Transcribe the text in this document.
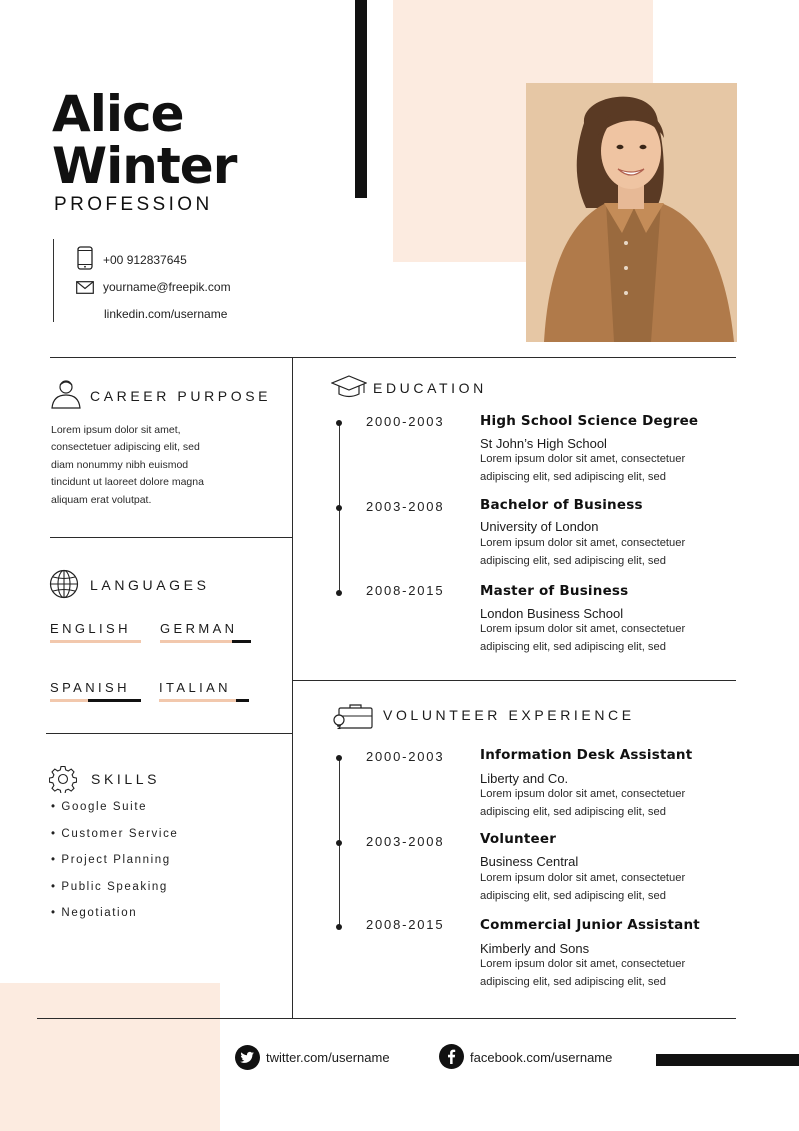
Alice
Winter
PROFESSION
+00 912837645
yourname@freepik.com
linkedin.com/username
CAREER PURPOSE
Lorem ipsum dolor sit amet,
consectetuer adipiscing elit, sed
diam nonummy nibh euismod
tincidunt ut laoreet dolore magna
aliquam erat volutpat.
LANGUAGES
ENGLISH GERMAN
SPANISH ITALIAN
SKILLS
• Google Suite
• Customer Service
• Project Planning
• Public Speaking
• Negotiation
EDUCATION
2000-2003	High School Science Degree
St John’s High School
Lorem ipsum dolor sit amet, consectetuer
adipiscing elit, sed adipiscing elit, sed
2003-2008	Bachelor of Business
University of London
Lorem ipsum dolor sit amet, consectetuer
adipiscing elit, sed adipiscing elit, sed
2008-2015	Master of Business
London Business School
Lorem ipsum dolor sit amet, consectetuer
adipiscing elit, sed adipiscing elit, sed
VOLUNTEER EXPERIENCE
2000-2003	Information Desk Assistant
Liberty and Co.
Lorem ipsum dolor sit amet, consectetuer
adipiscing elit, sed adipiscing elit, sed
2003-2008	Volunteer
Business Central
Lorem ipsum dolor sit amet, consectetuer
adipiscing elit, sed adipiscing elit, sed
2008-2015	Commercial Junior Assistant
Kimberly and Sons
Lorem ipsum dolor sit amet, consectetuer
adipiscing elit, sed adipiscing elit, sed
twitter.com/username	facebook.com/username
